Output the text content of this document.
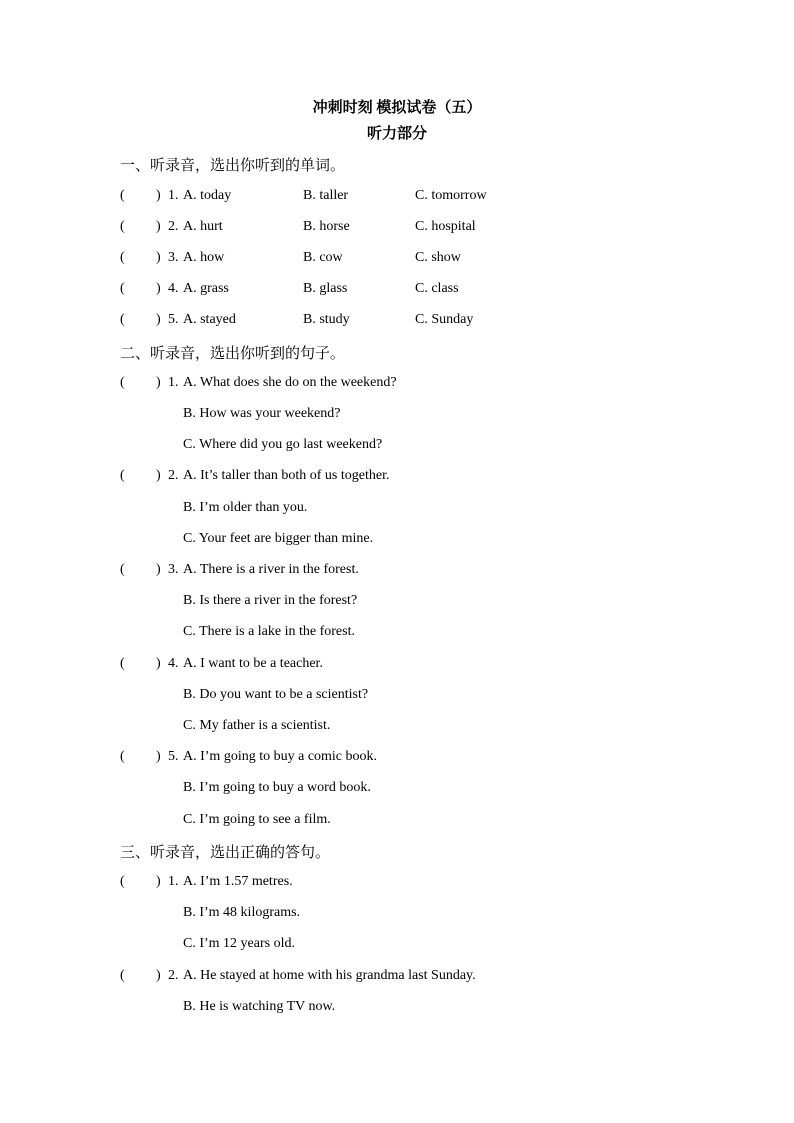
冲刺时刻 模拟试卷（五）
听力部分
一、听录音，选出你听到的单词。
( ) 1. A. today	B. taller	C. tomorrow
( ) 2. A. hurt	B. horse	C. hospital
( ) 3. A. how	B. cow	C. show
( ) 4. A. grass	B. glass	C. class
( ) 5. A. stayed	B. study	C. Sunday
二、听录音，选出你听到的句子。
( ) 1. A. What does she do on the weekend?
B. How was your weekend?
C. Where did you go last weekend?
( ) 2. A. It’s taller than both of us together.
B. I’m older than you.
C. Your feet are bigger than mine.
( ) 3. A. There is a river in the forest.
B. Is there a river in the forest?
C. There is a lake in the forest.
( ) 4. A. I want to be a teacher.
B. Do you want to be a scientist?
C. My father is a scientist.
( ) 5. A. I’m going to buy a comic book.
B. I’m going to buy a word book.
C. I’m going to see a film.
三、听录音，选出正确的答句。
( ) 1. A. I’m 1.57 metres.
B. I’m 48 kilograms.
C. I’m 12 years old.
( ) 2. A. He stayed at home with his grandma last Sunday.
B. He is watching TV now.
